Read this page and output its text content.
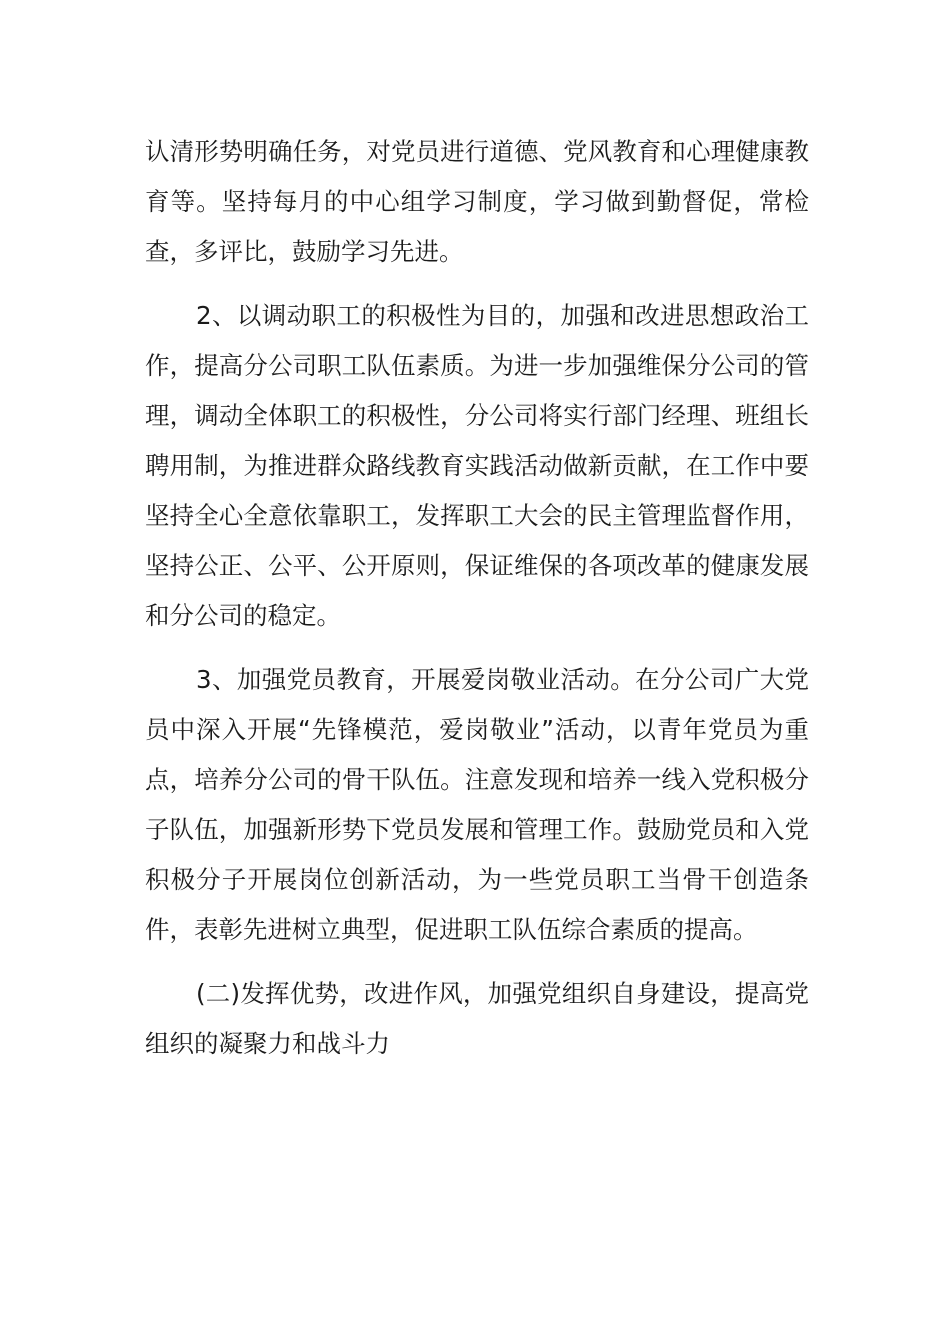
认清形势明确任务，对党员进行道德、党风教育和心理健康教育等。坚持每月的中心组学习制度，学习做到勤督促，常检查，多评比，鼓励学习先进。

2、以调动职工的积极性为目的，加强和改进思想政治工作，提高分公司职工队伍素质。为进一步加强维保分公司的管理，调动全体职工的积极性，分公司将实行部门经理、班组长聘用制，为推进群众路线教育实践活动做新贡献，在工作中要坚持全心全意依靠职工，发挥职工大会的民主管理监督作用，坚持公正、公平、公开原则，保证维保的各项改革的健康发展和分公司的稳定。

3、加强党员教育，开展爱岗敬业活动。在分公司广大党员中深入开展“先锋模范，爱岗敬业”活动，以青年党员为重点，培养分公司的骨干队伍。注意发现和培养一线入党积极分子队伍，加强新形势下党员发展和管理工作。鼓励党员和入党积极分子开展岗位创新活动，为一些党员职工当骨干创造条件，表彰先进树立典型，促进职工队伍综合素质的提高。

(二)发挥优势，改进作风，加强党组织自身建设，提高党组织的凝聚力和战斗力
